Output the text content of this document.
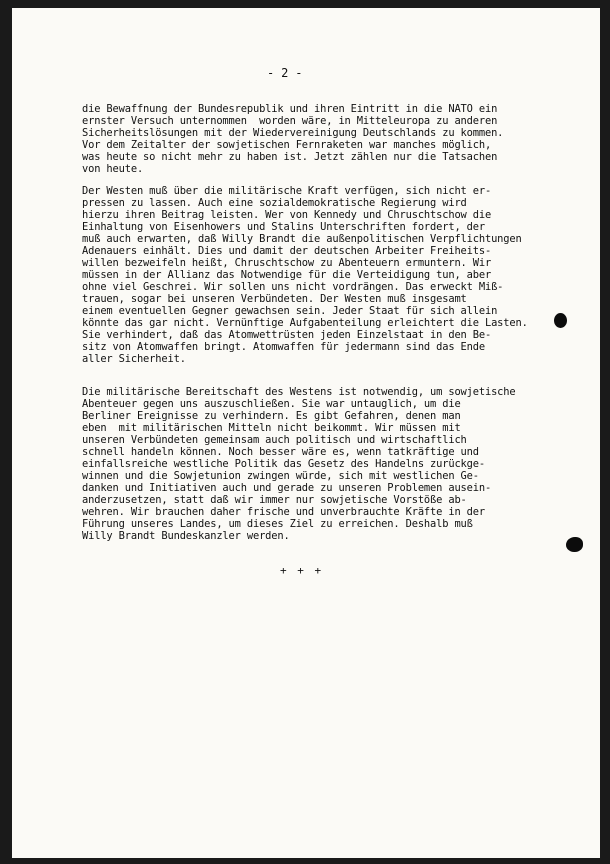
- 2 -

die Bewaffnung der Bundesrepublik und ihren Eintritt in die NATO ein
ernster Versuch unternommen  worden wäre, in Mitteleuropa zu anderen
Sicherheitslösungen mit der Wiedervereinigung Deutschlands zu kommen.
Vor dem Zeitalter der sowjetischen Fernraketen war manches möglich,
was heute so nicht mehr zu haben ist. Jetzt zählen nur die Tatsachen
von heute.

Der Westen muß über die militärische Kraft verfügen, sich nicht er-
pressen zu lassen. Auch eine sozialdemokratische Regierung wird
hierzu ihren Beitrag leisten. Wer von Kennedy und Chruschtschow die
Einhaltung von Eisenhowers und Stalins Unterschriften fordert, der
muß auch erwarten, daß Willy Brandt die außenpolitischen Verpflichtungen
Adenauers einhält. Dies und damit der deutschen Arbeiter Freiheits-
willen bezweifeln heißt, Chruschtschow zu Abenteuern ermuntern. Wir
müssen in der Allianz das Notwendige für die Verteidigung tun, aber
ohne viel Geschrei. Wir sollen uns nicht vordrängen. Das erweckt Miß-
trauen, sogar bei unseren Verbündeten. Der Westen muß insgesamt
einem eventuellen Gegner gewachsen sein. Jeder Staat für sich allein
könnte das gar nicht. Vernünftige Aufgabenteilung erleichtert die Lasten.
Sie verhindert, daß das Atomwettrüsten jeden Einzelstaat in den Be-
sitz von Atomwaffen bringt. Atomwaffen für jedermann sind das Ende
aller Sicherheit.

Die militärische Bereitschaft des Westens ist notwendig, um sowjetische
Abenteuer gegen uns auszuschließen. Sie war untauglich, um die
Berliner Ereignisse zu verhindern. Es gibt Gefahren, denen man
eben  mit militärischen Mitteln nicht beikommt. Wir müssen mit
unseren Verbündeten gemeinsam auch politisch und wirtschaftlich
schnell handeln können. Noch besser wäre es, wenn tatkräftige und
einfallsreiche westliche Politik das Gesetz des Handelns zurückge-
winnen und die Sowjetunion zwingen würde, sich mit westlichen Ge-
danken und Initiativen auch und gerade zu unseren Problemen ausein-
anderzusetzen, statt daß wir immer nur sowjetische Vorstöße ab-
wehren. Wir brauchen daher frische und unverbrauchte Kräfte in der
Führung unseres Landes, um dieses Ziel zu erreichen. Deshalb muß
Willy Brandt Bundeskanzler werden.

+ + +
